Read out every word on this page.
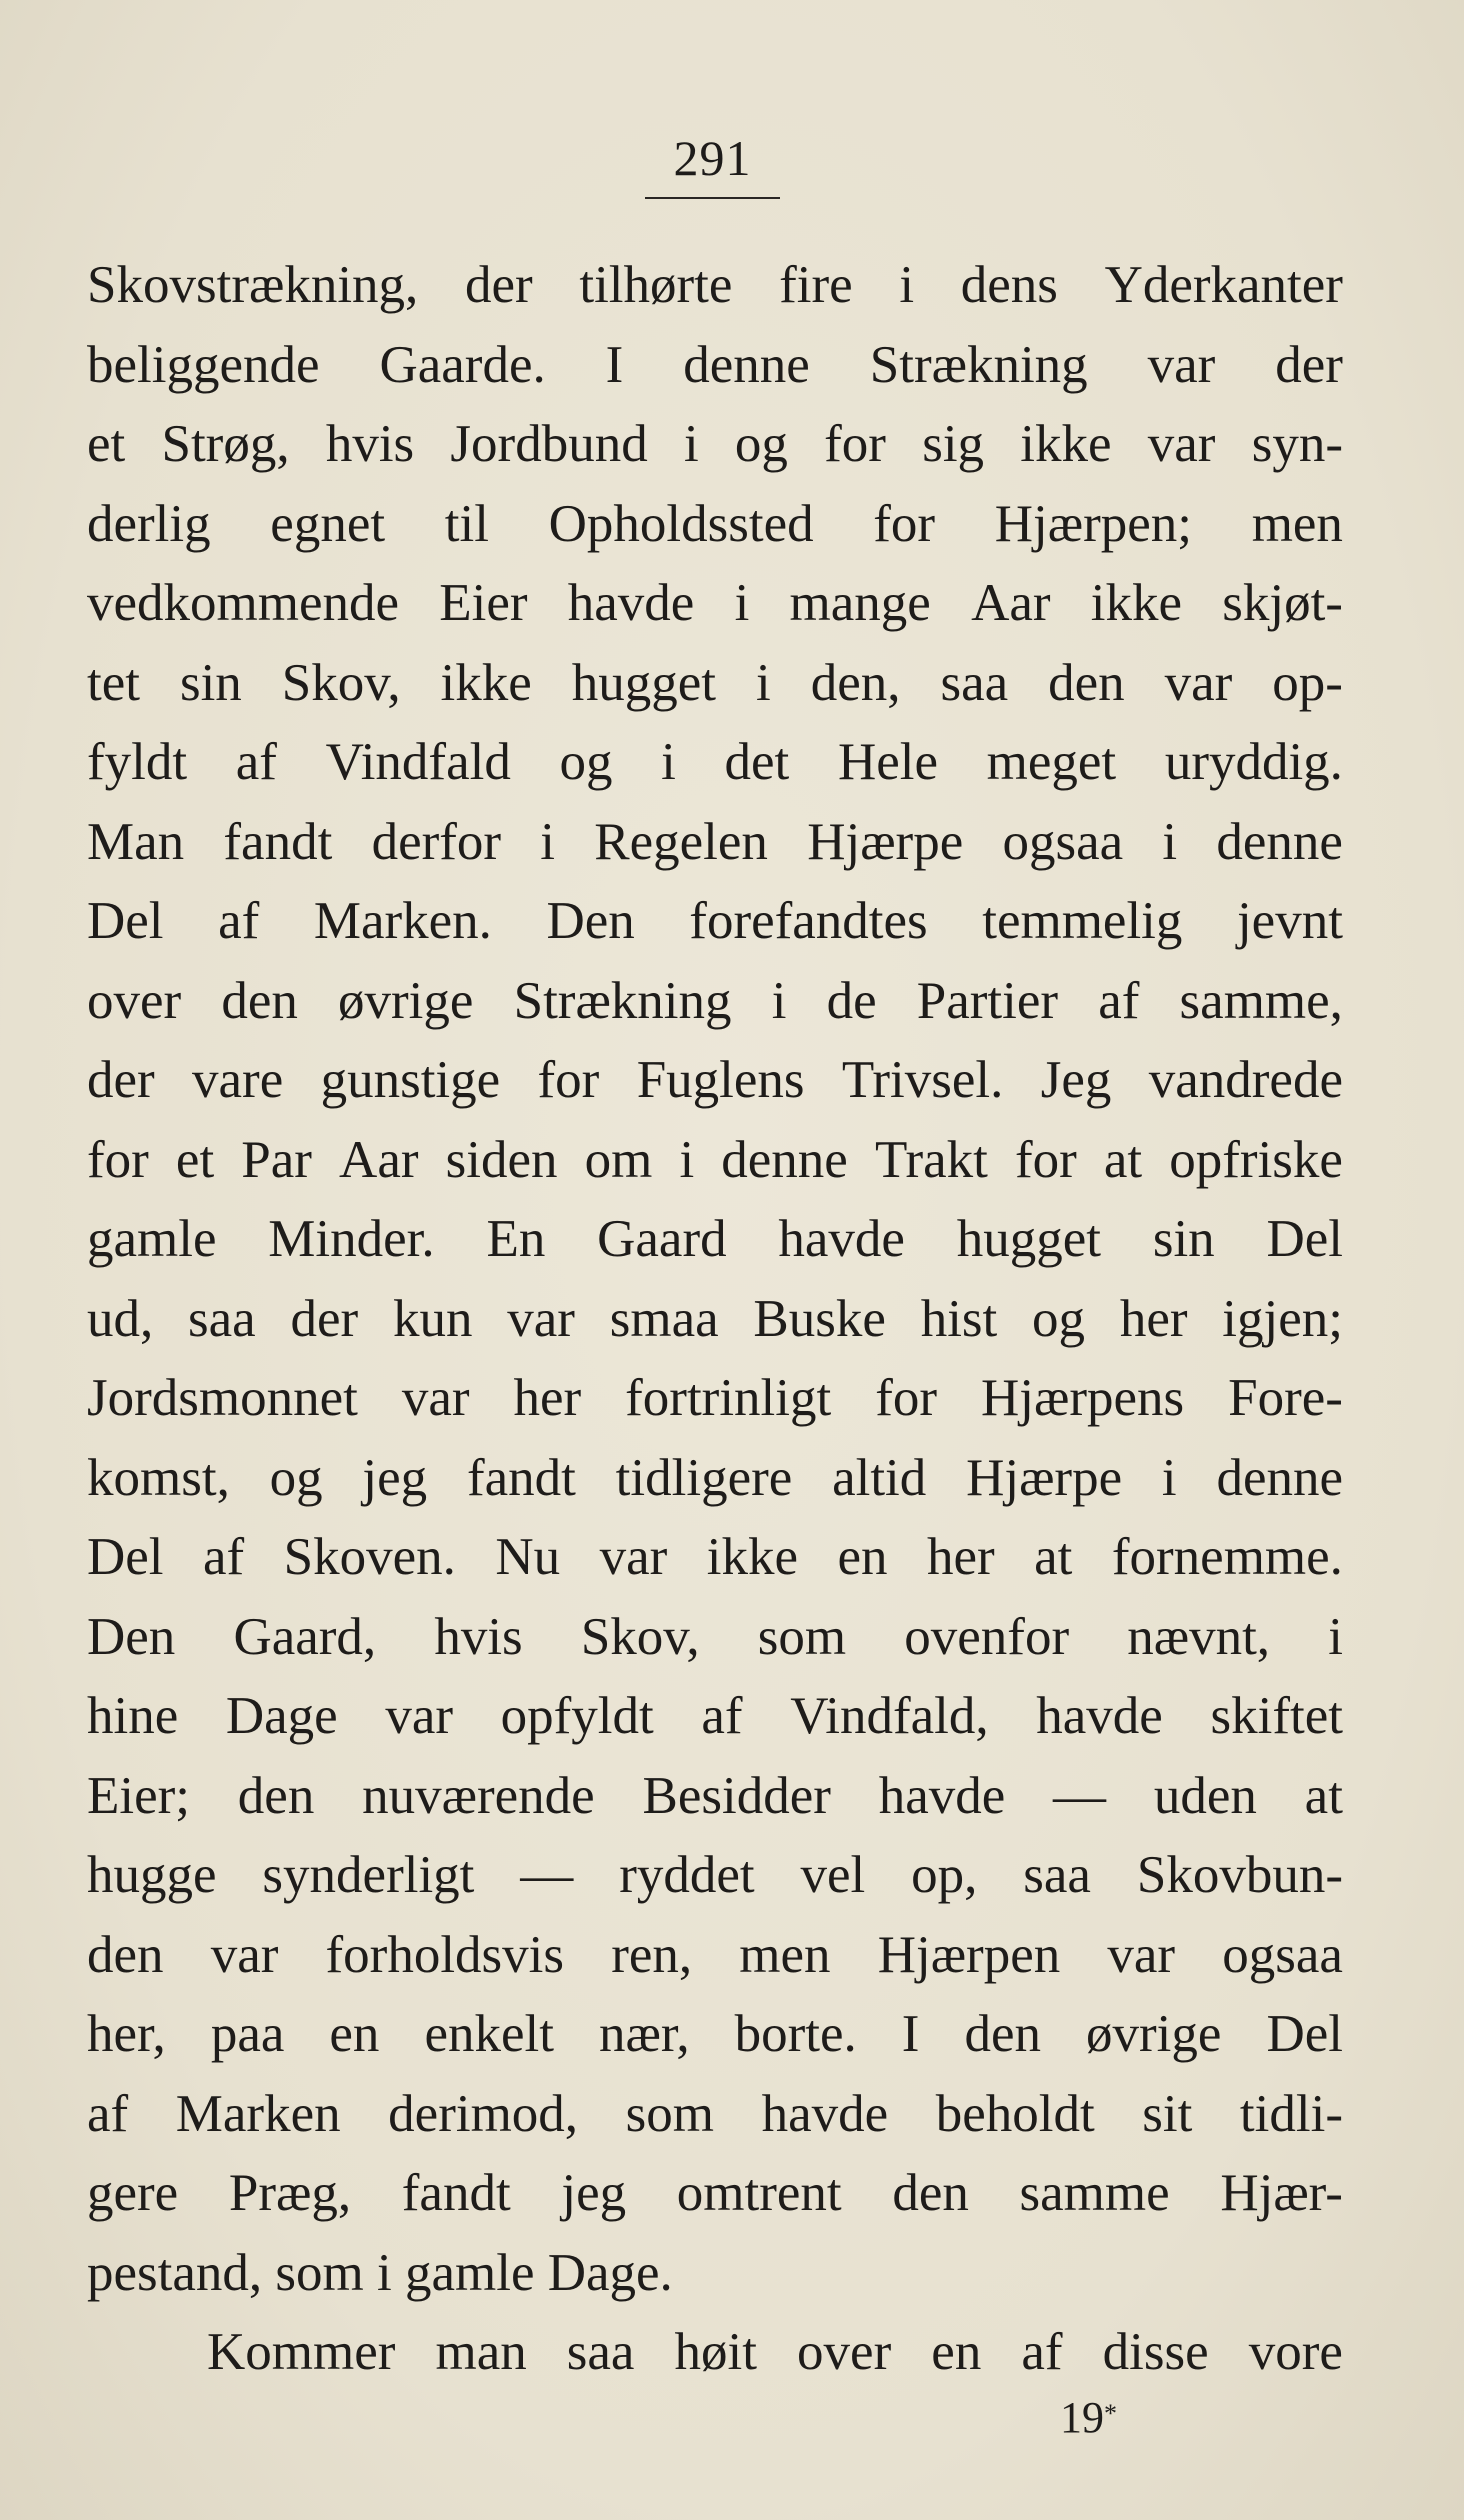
291
Skovstrækning, der tilhørte fire i dens Yderkanter
beliggende Gaarde. I denne Strækning var der
et Strøg, hvis Jordbund i og for sig ikke var syn-
derlig egnet til Opholdssted for Hjærpen; men
vedkommende Eier havde i mange Aar ikke skjøt-
tet sin Skov, ikke hugget i den, saa den var op-
fyldt af Vindfald og i det Hele meget uryddig.
Man fandt derfor i Regelen Hjærpe ogsaa i denne
Del af Marken. Den forefandtes temmelig jevnt
over den øvrige Strækning i de Partier af samme,
der vare gunstige for Fuglens Trivsel. Jeg vandrede
for et Par Aar siden om i denne Trakt for at opfriske
gamle Minder. En Gaard havde hugget sin Del
ud, saa der kun var smaa Buske hist og her igjen;
Jordsmonnet var her fortrinligt for Hjærpens Fore-
komst, og jeg fandt tidligere altid Hjærpe i denne
Del af Skoven. Nu var ikke en her at fornemme.
Den Gaard, hvis Skov, som ovenfor nævnt, i
hine Dage var opfyldt af Vindfald, havde skiftet
Eier; den nuværende Besidder havde — uden at
hugge synderligt — ryddet vel op, saa Skovbun-
den var forholdsvis ren, men Hjærpen var ogsaa
her, paa en enkelt nær, borte. I den øvrige Del
af Marken derimod, som havde beholdt sit tidli-
gere Præg, fandt jeg omtrent den samme Hjær-
pestand, som i gamle Dage.
Kommer man saa høit over en af disse vore
19*
